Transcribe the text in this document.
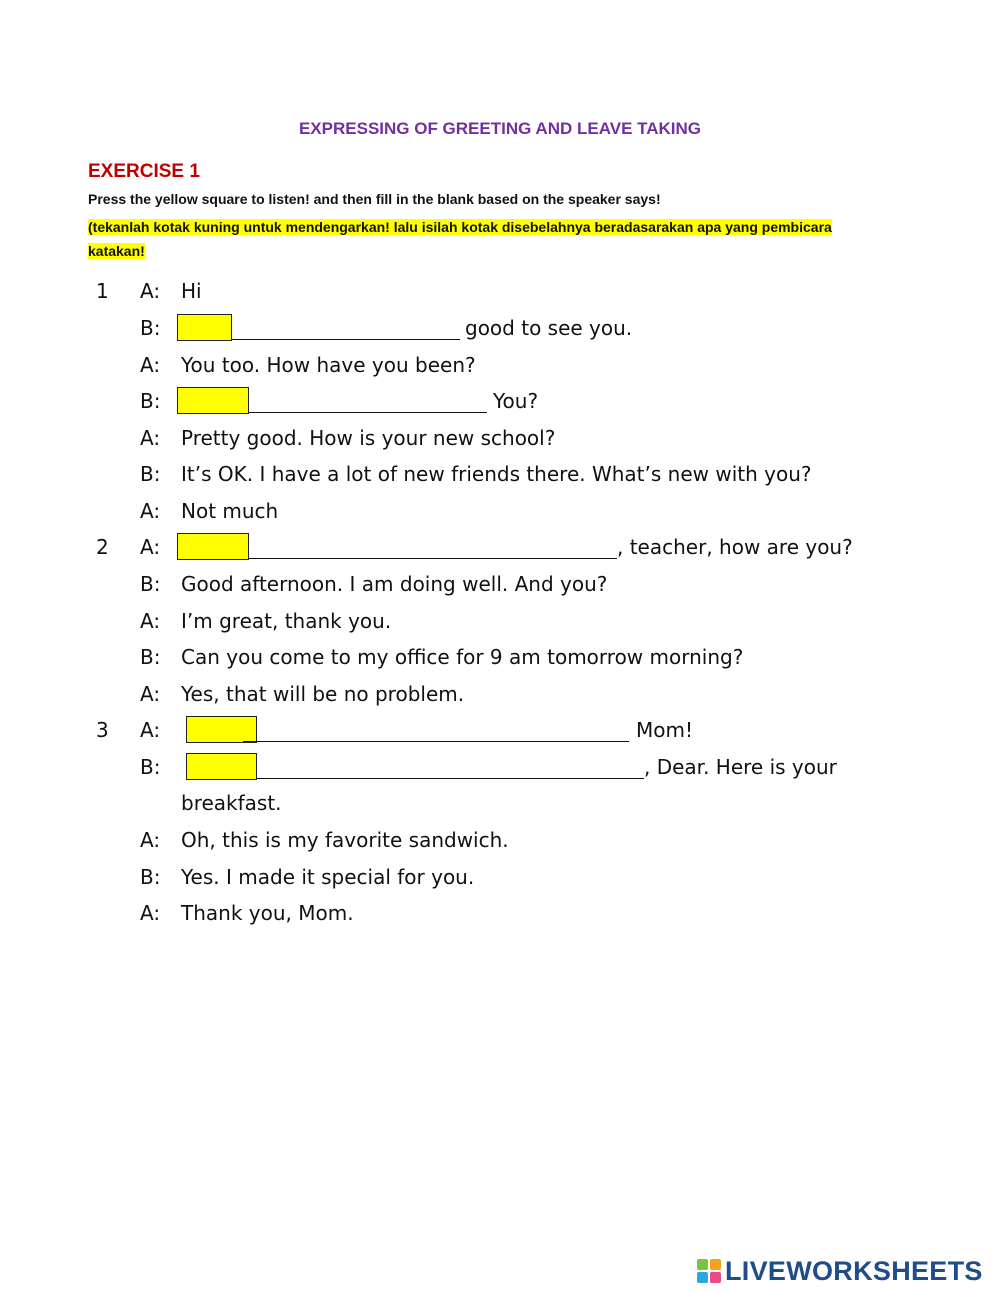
EXPRESSING OF GREETING AND LEAVE TAKING
EXERCISE 1
Press the yellow square to listen! and then fill in the blank based on the speaker says!
(tekanlah kotak kuning untuk mendengarkan! lalu isilah kotak disebelahnya beradasarakan apa yang pembicara katakan!
1 A: Hi
B:	good to see you.
A: You too. How have you been?
B:	You?
A: Pretty good. How is your new school?
B: It’s OK. I have a lot of new friends there. What’s new with you?
A: Not much
2 A:	, teacher, how are you?
B: Good afternoon. I am doing well. And you?
A: I’m great, thank you.
B: Can you come to my office for 9 am tomorrow morning?
A: Yes, that will be no problem.
3 A:	Mom!
B:	, Dear. Here is your
breakfast.
A: Oh, this is my favorite sandwich.
B: Yes. I made it special for you.
A: Thank you, Mom.
LIVEWORKSHEETS
